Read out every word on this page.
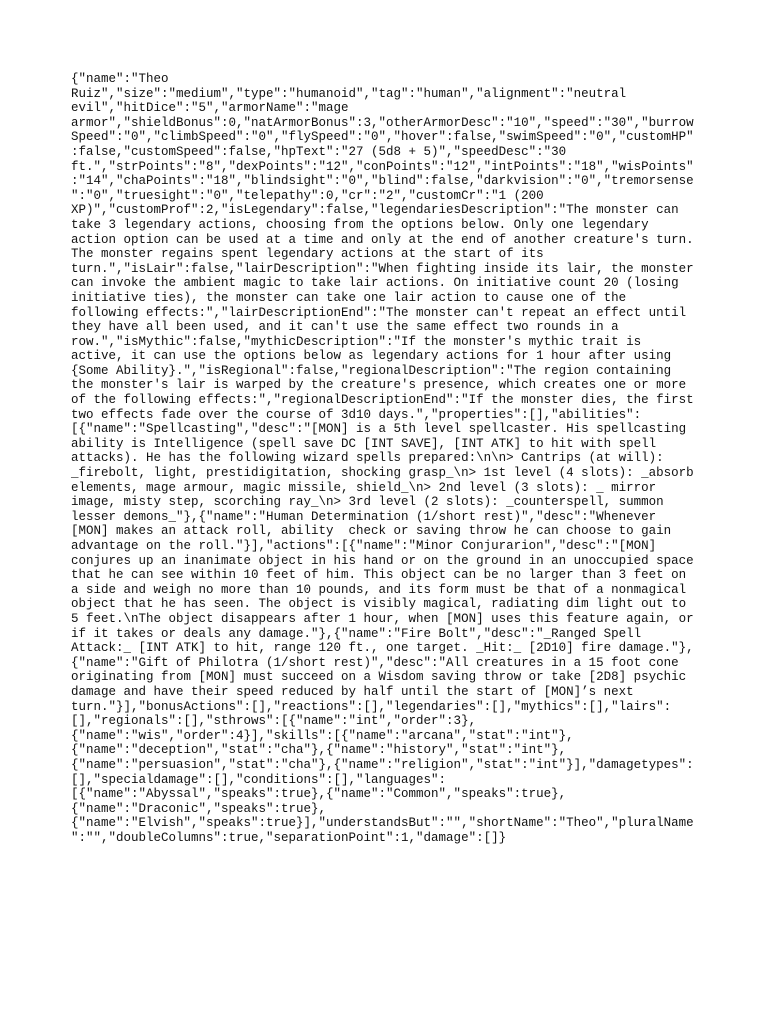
{"name":"Theo
Ruiz","size":"medium","type":"humanoid","tag":"human","alignment":"neutral
evil","hitDice":"5","armorName":"mage
armor","shieldBonus":0,"natArmorBonus":3,"otherArmorDesc":"10","speed":"30","burrow
Speed":"0","climbSpeed":"0","flySpeed":"0","hover":false,"swimSpeed":"0","customHP"
:false,"customSpeed":false,"hpText":"27 (5d8 + 5)","speedDesc":"30
ft.","strPoints":"8","dexPoints":"12","conPoints":"12","intPoints":"18","wisPoints"
:"14","chaPoints":"18","blindsight":"0","blind":false,"darkvision":"0","tremorsense
":"0","truesight":"0","telepathy":0,"cr":"2","customCr":"1 (200
XP)","customProf":2,"isLegendary":false,"legendariesDescription":"The monster can
take 3 legendary actions, choosing from the options below. Only one legendary
action option can be used at a time and only at the end of another creature's turn.
The monster regains spent legendary actions at the start of its
turn.","isLair":false,"lairDescription":"When fighting inside its lair, the monster
can invoke the ambient magic to take lair actions. On initiative count 20 (losing
initiative ties), the monster can take one lair action to cause one of the
following effects:","lairDescriptionEnd":"The monster can't repeat an effect until
they have all been used, and it can't use the same effect two rounds in a
row.","isMythic":false,"mythicDescription":"If the monster's mythic trait is
active, it can use the options below as legendary actions for 1 hour after using
{Some Ability}.","isRegional":false,"regionalDescription":"The region containing
the monster's lair is warped by the creature's presence, which creates one or more
of the following effects:","regionalDescriptionEnd":"If the monster dies, the first
two effects fade over the course of 3d10 days.","properties":[],"abilities":
[{"name":"Spellcasting","desc":"[MON] is a 5th level spellcaster. His spellcasting
ability is Intelligence (spell save DC [INT SAVE], [INT ATK] to hit with spell
attacks). He has the following wizard spells prepared:\n\n> Cantrips (at will):
_firebolt, light, prestidigitation, shocking grasp_\n> 1st level (4 slots): _absorb
elements, mage armour, magic missile, shield_\n> 2nd level (3 slots): _ mirror
image, misty step, scorching ray_\n> 3rd level (2 slots): _counterspell, summon
lesser demons_"},{"name":"Human Determination (1/short rest)","desc":"Whenever
[MON] makes an attack roll, ability  check or saving throw he can choose to gain
advantage on the roll."}],"actions":[{"name":"Minor Conjurarion","desc":"[MON]
conjures up an inanimate object in his hand or on the ground in an unoccupied space
that he can see within 10 feet of him. This object can be no larger than 3 feet on
a side and weigh no more than 10 pounds, and its form must be that of a nonmagical
object that he has seen. The object is visibly magical, radiating dim light out to
5 feet.\nThe object disappears after 1 hour, when [MON] uses this feature again, or
if it takes or deals any damage."},{"name":"Fire Bolt","desc":"_Ranged Spell
Attack:_ [INT ATK] to hit, range 120 ft., one target. _Hit:_ [2D10] fire damage."},
{"name":"Gift of Philotra (1/short rest)","desc":"All creatures in a 15 foot cone
originating from [MON] must succeed on a Wisdom saving throw or take [2D8] psychic
damage and have their speed reduced by half until the start of [MON]’s next
turn."}],"bonusActions":[],"reactions":[],"legendaries":[],"mythics":[],"lairs":
[],"regionals":[],"sthrows":[{"name":"int","order":3},
{"name":"wis","order":4}],"skills":[{"name":"arcana","stat":"int"},
{"name":"deception","stat":"cha"},{"name":"history","stat":"int"},
{"name":"persuasion","stat":"cha"},{"name":"religion","stat":"int"}],"damagetypes":
[],"specialdamage":[],"conditions":[],"languages":
[{"name":"Abyssal","speaks":true},{"name":"Common","speaks":true},
{"name":"Draconic","speaks":true},
{"name":"Elvish","speaks":true}],"understandsBut":"","shortName":"Theo","pluralName
":"","doubleColumns":true,"separationPoint":1,"damage":[]}
